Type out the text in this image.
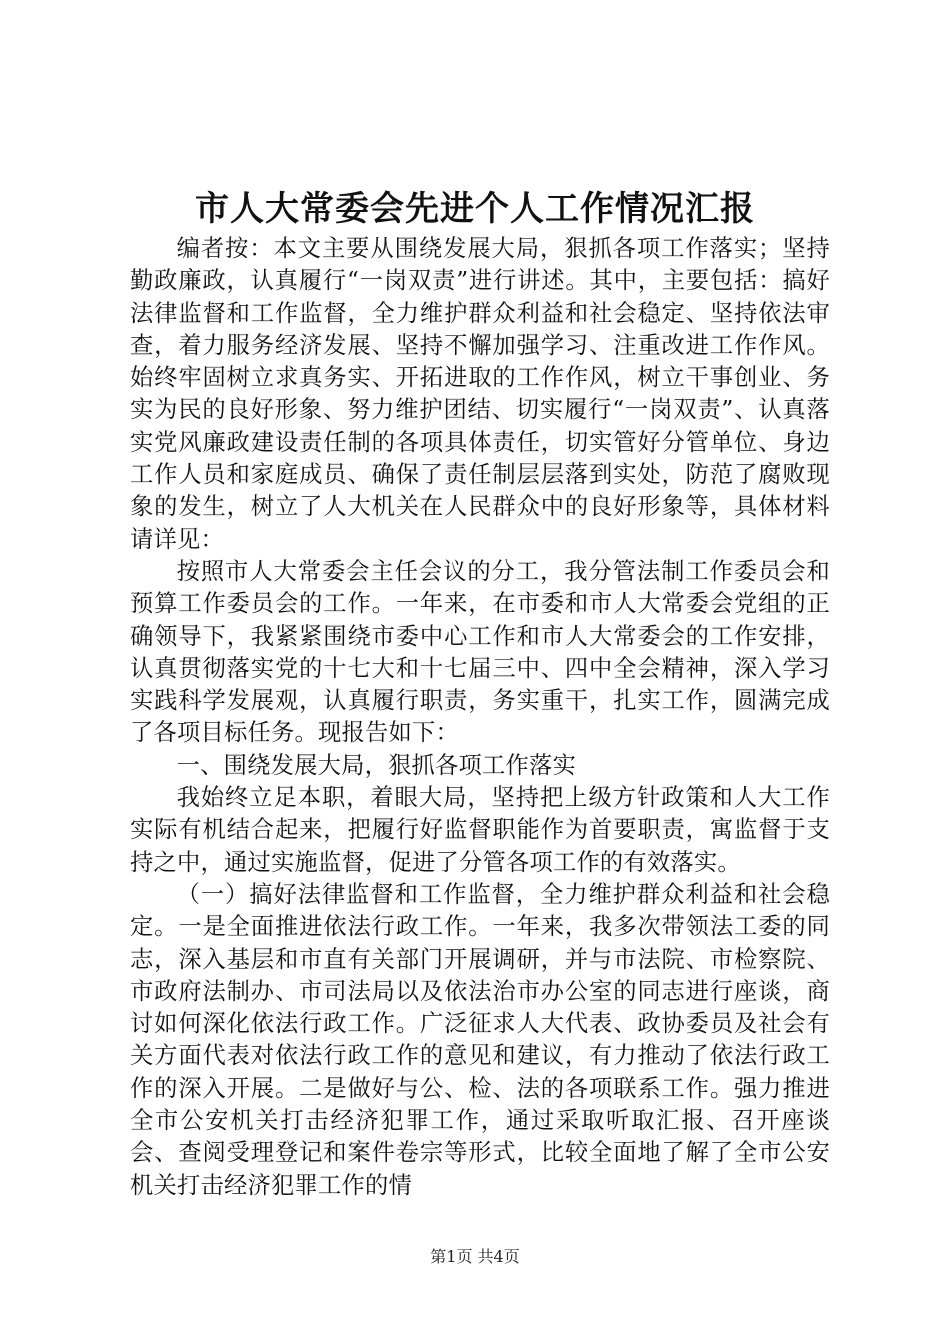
市人大常委会先进个人工作情况汇报

编者按：本文主要从围绕发展大局，狠抓各项工作落实；坚持勤政廉政，认真履行“一岗双责”进行讲述。其中，主要包括：搞好法律监督和工作监督，全力维护群众利益和社会稳定、坚持依法审查，着力服务经济发展、坚持不懈加强学习、注重改进工作作风。始终牢固树立求真务实、开拓进取的工作作风，树立干事创业、务实为民的良好形象、努力维护团结、切实履行“一岗双责”、认真落实党风廉政建设责任制的各项具体责任，切实管好分管单位、身边工作人员和家庭成员、确保了责任制层层落到实处，防范了腐败现象的发生，树立了人大机关在人民群众中的良好形象等，具体材料请详见：

按照市人大常委会主任会议的分工，我分管法制工作委员会和预算工作委员会的工作。一年来，在市委和市人大常委会党组的正确领导下，我紧紧围绕市委中心工作和市人大常委会的工作安排，认真贯彻落实党的十七大和十七届三中、四中全会精神，深入学习实践科学发展观，认真履行职责，务实重干，扎实工作，圆满完成了各项目标任务。现报告如下：

一、围绕发展大局，狠抓各项工作落实

我始终立足本职，着眼大局，坚持把上级方针政策和人大工作实际有机结合起来，把履行好监督职能作为首要职责，寓监督于支持之中，通过实施监督，促进了分管各项工作的有效落实。

（一）搞好法律监督和工作监督，全力维护群众利益和社会稳定。一是全面推进依法行政工作。一年来，我多次带领法工委的同志，深入基层和市直有关部门开展调研，并与市法院、市检察院、市政府法制办、市司法局以及依法治市办公室的同志进行座谈，商讨如何深化依法行政工作。广泛征求人大代表、政协委员及社会有关方面代表对依法行政工作的意见和建议，有力推动了依法行政工作的深入开展。二是做好与公、检、法的各项联系工作。强力推进全市公安机关打击经济犯罪工作，通过采取听取汇报、召开座谈会、查阅受理登记和案件卷宗等形式，比较全面地了解了全市公安机关打击经济犯罪工作的情

第1页 共4页
